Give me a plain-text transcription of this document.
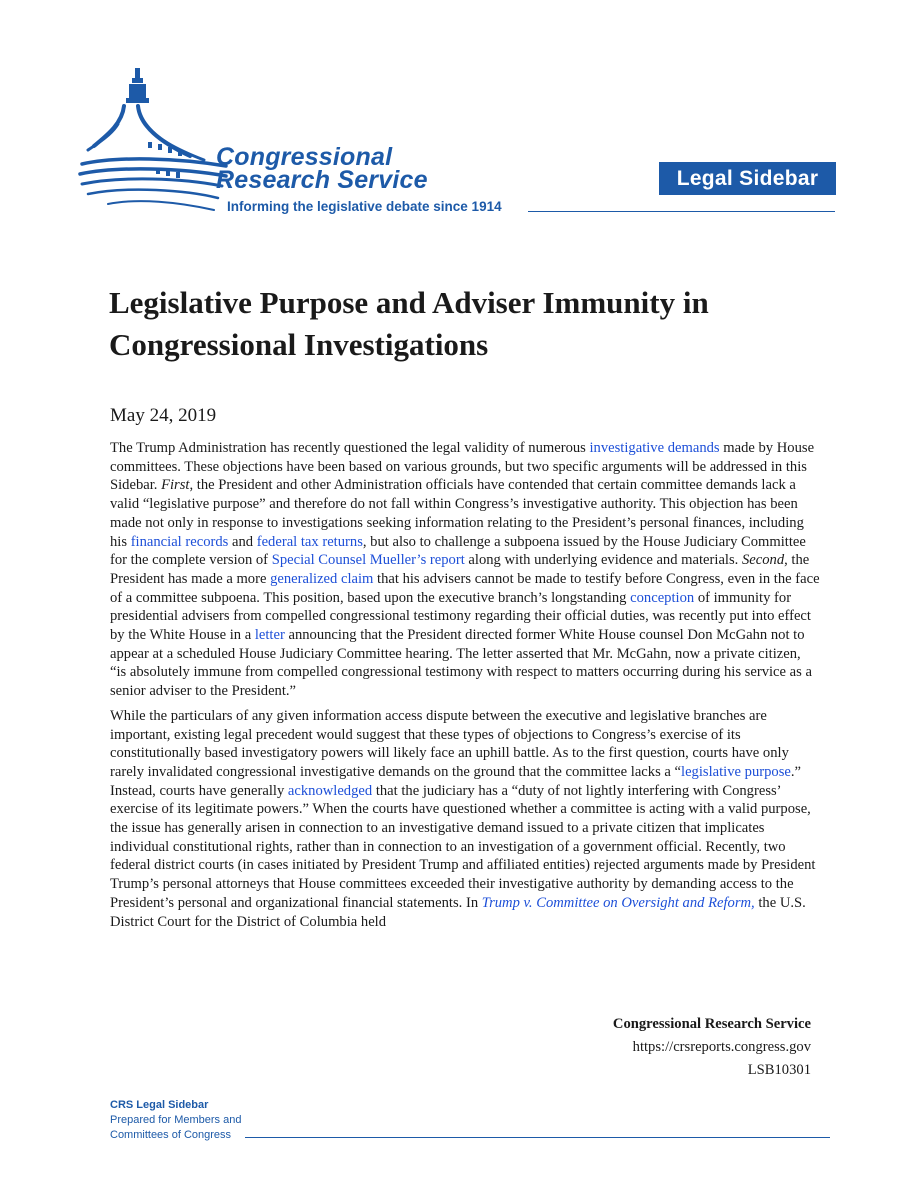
Congressional
Research Service
Informing the legislative debate since 1914
Legal Sidebar
Legislative Purpose and Adviser Immunity in Congressional Investigations
May 24, 2019

The Trump Administration has recently questioned the legal validity of numerous investigative demands made by House committees. These objections have been based on various grounds, but two specific arguments will be addressed in this Sidebar. First, the President and other Administration officials have contended that certain committee demands lack a valid “legislative purpose” and therefore do not fall within Congress’s investigative authority. This objection has been made not only in response to investigations seeking information relating to the President’s personal finances, including his financial records and federal tax returns, but also to challenge a subpoena issued by the House Judiciary Committee for the complete version of Special Counsel Mueller’s report along with underlying evidence and materials. Second, the President has made a more generalized claim that his advisers cannot be made to testify before Congress, even in the face of a committee subpoena. This position, based upon the executive branch’s longstanding conception of immunity for presidential advisers from compelled congressional testimony regarding their official duties, was recently put into effect by the White House in a letter announcing that the President directed former White House counsel Don McGahn not to appear at a scheduled House Judiciary Committee hearing. The letter asserted that Mr. McGahn, now a private citizen, “is absolutely immune from compelled congressional testimony with respect to matters occurring during his service as a senior adviser to the President.”

While the particulars of any given information access dispute between the executive and legislative branches are important, existing legal precedent would suggest that these types of objections to Congress’s exercise of its constitutionally based investigatory powers will likely face an uphill battle. As to the first question, courts have only rarely invalidated congressional investigative demands on the ground that the committee lacks a “legislative purpose.” Instead, courts have generally acknowledged that the judiciary has a “duty of not lightly interfering with Congress’ exercise of its legitimate powers.” When the courts have questioned whether a committee is acting with a valid purpose, the issue has generally arisen in connection to an investigative demand issued to a private citizen that implicates individual constitutional rights, rather than in connection to an investigation of a government official. Recently, two federal district courts (in cases initiated by President Trump and affiliated entities) rejected arguments made by President Trump’s personal attorneys that House committees exceeded their investigative authority by demanding access to the President’s personal and organizational financial statements. In Trump v. Committee on Oversight and Reform, the U.S. District Court for the District of Columbia held

Congressional Research Service
https://crsreports.congress.gov
LSB10301
CRS Legal Sidebar
Prepared for Members and
Committees of Congress
